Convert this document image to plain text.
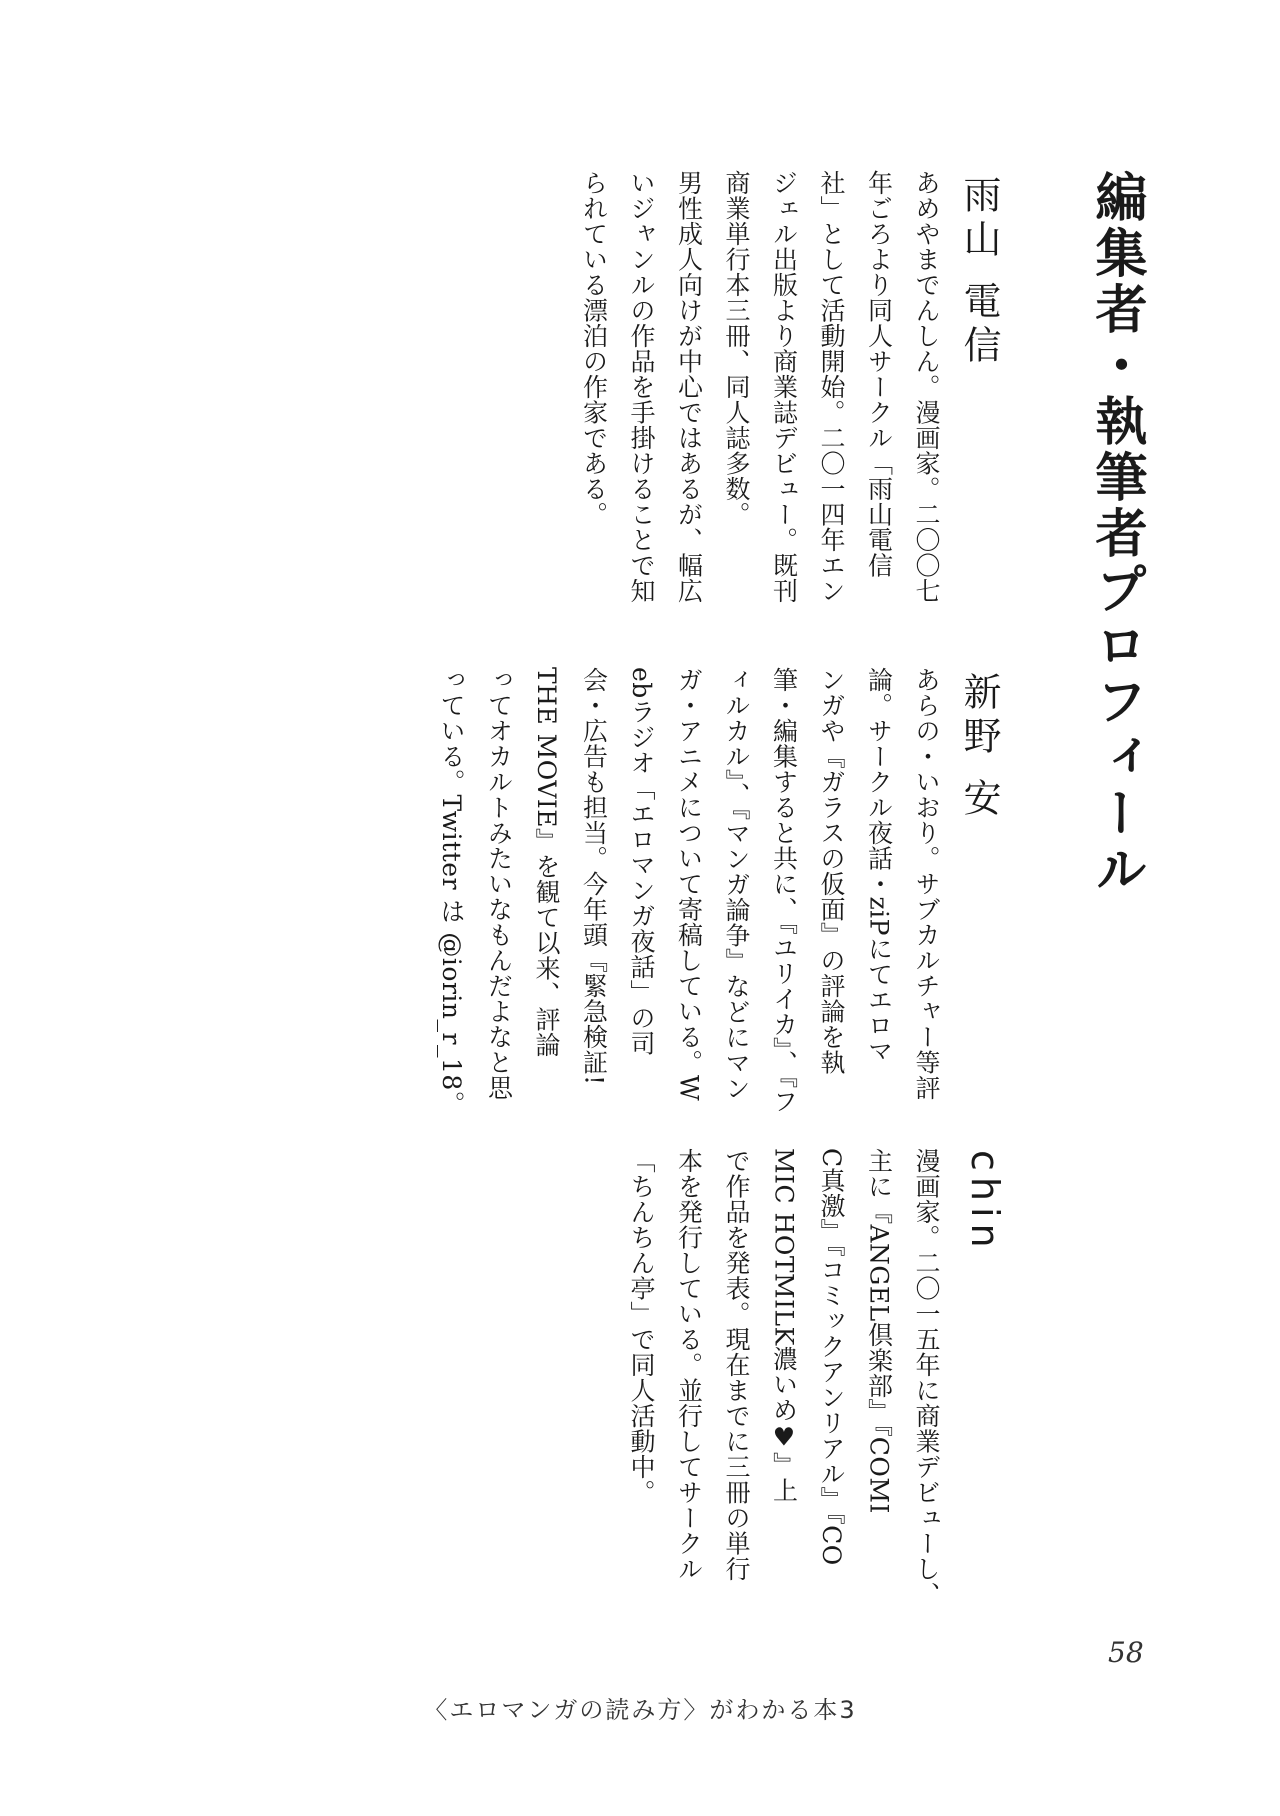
編集者・執筆者プロフィール
雨山 電信
あめやまでんしん。漫画家。二〇〇七
年ごろより同人サークル「雨山電信
社」として活動開始。二〇一四年エン
ジェル出版より商業誌デビュー。既刊
商業単行本三冊、同人誌多数。
男性成人向けが中心ではあるが、幅広
いジャンルの作品を手掛けることで知
られている漂泊の作家である。
新野 安
あらの・いおり。サブカルチャー等評
論。サークル夜話・ziPにてエロマ
ンガや『ガラスの仮面』の評論を執
筆・編集すると共に、『ユリイカ』、『フ
ィルカル』、『マンガ論争』などにマン
ガ・アニメについて寄稿している。W
ebラジオ「エロマンガ夜話」の司
会・広告も担当。今年頭『緊急検証!
THE MOVIE』を観て以来、評論
ってオカルトみたいなもんだよなと思
っている。Twitter は @iorin_r_18。
chin
漫画家。二〇一五年に商業デビューし、
主に『ANGEL倶楽部』『COMI
C真激』『コミックアンリアル』『CO
MIC HOTMILK濃いめ♥』上
で作品を発表。現在までに三冊の単行
本を発行している。並行してサークル
「ちんちん亭」で同人活動中。
58
〈エロマンガの読み方〉がわかる本3
